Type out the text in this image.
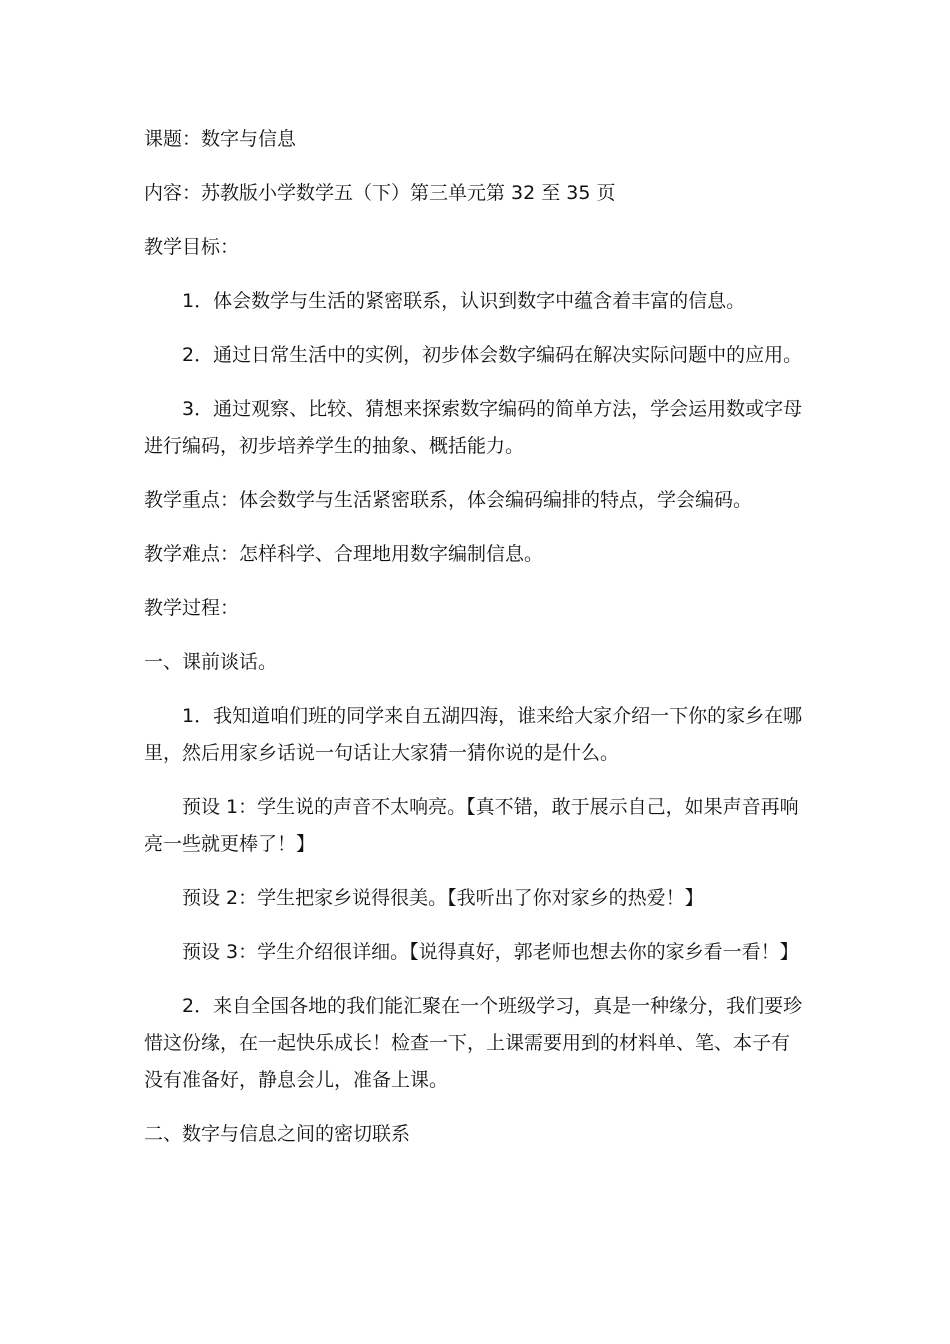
课题：数字与信息

内容：苏教版小学数学五（下）第三单元第 32 至 35 页

教学目标：

1．体会数学与生活的紧密联系，认识到数字中蕴含着丰富的信息。

2．通过日常生活中的实例，初步体会数字编码在解决实际问题中的应用。

3．通过观察、比较、猜想来探索数字编码的简单方法，学会运用数或字母进行编码，初步培养学生的抽象、概括能力。

教学重点：体会数学与生活紧密联系，体会编码编排的特点，学会编码。

教学难点：怎样科学、合理地用数字编制信息。

教学过程：

一、课前谈话。

1．我知道咱们班的同学来自五湖四海，谁来给大家介绍一下你的家乡在哪里，然后用家乡话说一句话让大家猜一猜你说的是什么。

预设 1：学生说的声音不太响亮。【真不错，敢于展示自己，如果声音再响亮一些就更棒了！】

预设 2：学生把家乡说得很美。【我听出了你对家乡的热爱！】

预设 3：学生介绍很详细。【说得真好，郭老师也想去你的家乡看一看！】

2．来自全国各地的我们能汇聚在一个班级学习，真是一种缘分，我们要珍惜这份缘，在一起快乐成长！检查一下，上课需要用到的材料单、笔、本子有没有准备好，静息会儿，准备上课。

二、数字与信息之间的密切联系
